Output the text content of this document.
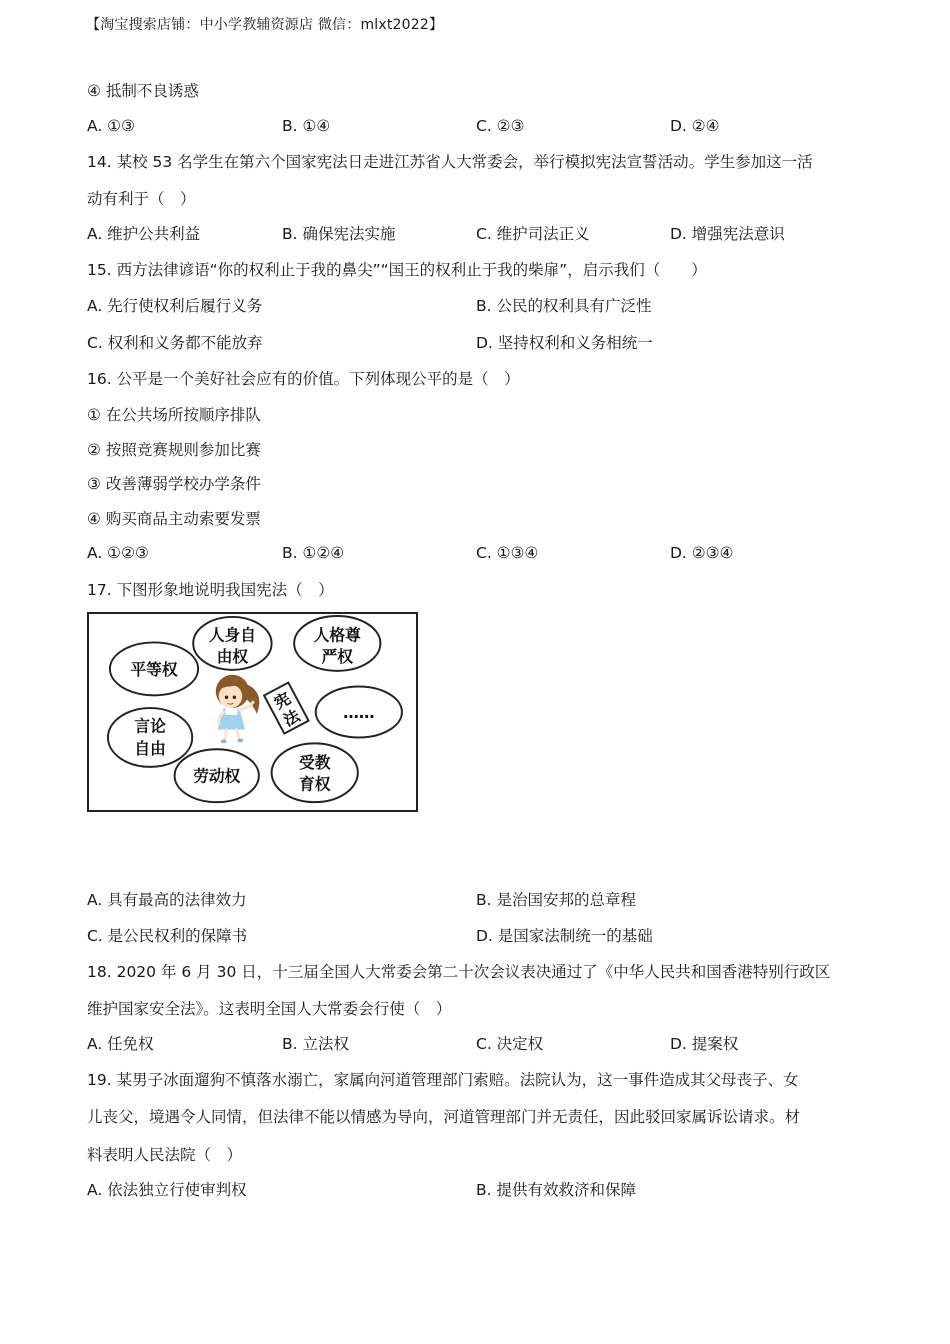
【淘宝搜索店铺：中小学教辅资源店 微信：mlxt2022】
④ 抵制不良诱惑
A. ①③	B. ①④	C. ②③	D. ②④
14. 某校 53 名学生在第六个国家宪法日走进江苏省人大常委会，举行模拟宪法宣誓活动。学生参加这一活
动有利于（　）
A. 维护公共利益	B. 确保宪法实施	C. 维护司法正义	D. 增强宪法意识
15. 西方法律谚语“你的权利止于我的鼻尖”“国王的权利止于我的柴扉”，启示我们（　　）
A. 先行使权利后履行义务	B. 公民的权利具有广泛性
C. 权利和义务都不能放弃	D. 坚持权利和义务相统一
16. 公平是一个美好社会应有的价值。下列体现公平的是（　）
① 在公共场所按顺序排队
② 按照竞赛规则参加比赛
③ 改善薄弱学校办学条件
④ 购买商品主动索要发票
A. ①②③	B. ①②④	C. ①③④	D. ②③④
17. 下图形象地说明我国宪法（　）
人身自
由权
人格尊
严权
平等权
言论
自由
劳动权
受教
育权
……
宪
法
A. 具有最高的法律效力	B. 是治国安邦的总章程
C. 是公民权利的保障书	D. 是国家法制统一的基础
18. 2020 年 6 月 30 日，十三届全国人大常委会第二十次会议表决通过了《中华人民共和国香港特别行政区
维护国家安全法》。这表明全国人大常委会行使（　）
A. 任免权	B. 立法权	C. 决定权	D. 提案权
19. 某男子冰面遛狗不慎落水溺亡，家属向河道管理部门索赔。法院认为，这一事件造成其父母丧子、女
儿丧父，境遇令人同情，但法律不能以情感为导向，河道管理部门并无责任，因此驳回家属诉讼请求。材
料表明人民法院（　）
A. 依法独立行使审判权	B. 提供有效救济和保障
